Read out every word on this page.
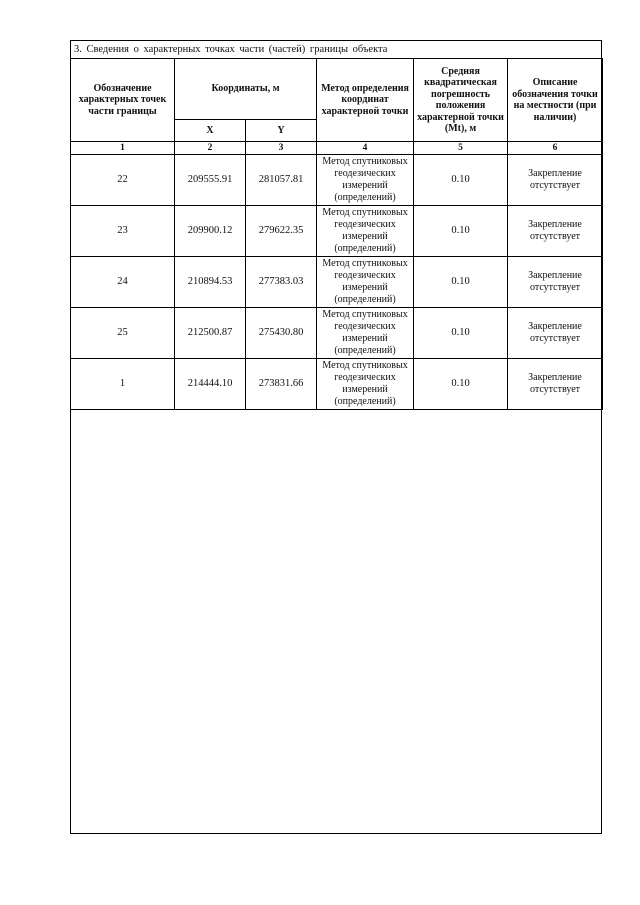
3. Сведения о характерных точках части (частей) границы объекта
Обозначение характерных точек части границы	Координаты, м		Метод определения координат характерной точки	Средняя квадратическая погрешность положения характерной точки (Mt), м	Описание обозначения точки на местности (при наличии)
	X	Y			
1	2	3	4	5	6
22	209555.91	281057.81	Метод спутниковых геодезических измерений (определений)	0.10	Закрепление отсутствует
23	209900.12	279622.35	Метод спутниковых геодезических измерений (определений)	0.10	Закрепление отсутствует
24	210894.53	277383.03	Метод спутниковых геодезических измерений (определений)	0.10	Закрепление отсутствует
25	212500.87	275430.80	Метод спутниковых геодезических измерений (определений)	0.10	Закрепление отсутствует
1	214444.10	273831.66	Метод спутниковых геодезических измерений (определений)	0.10	Закрепление отсутствует
